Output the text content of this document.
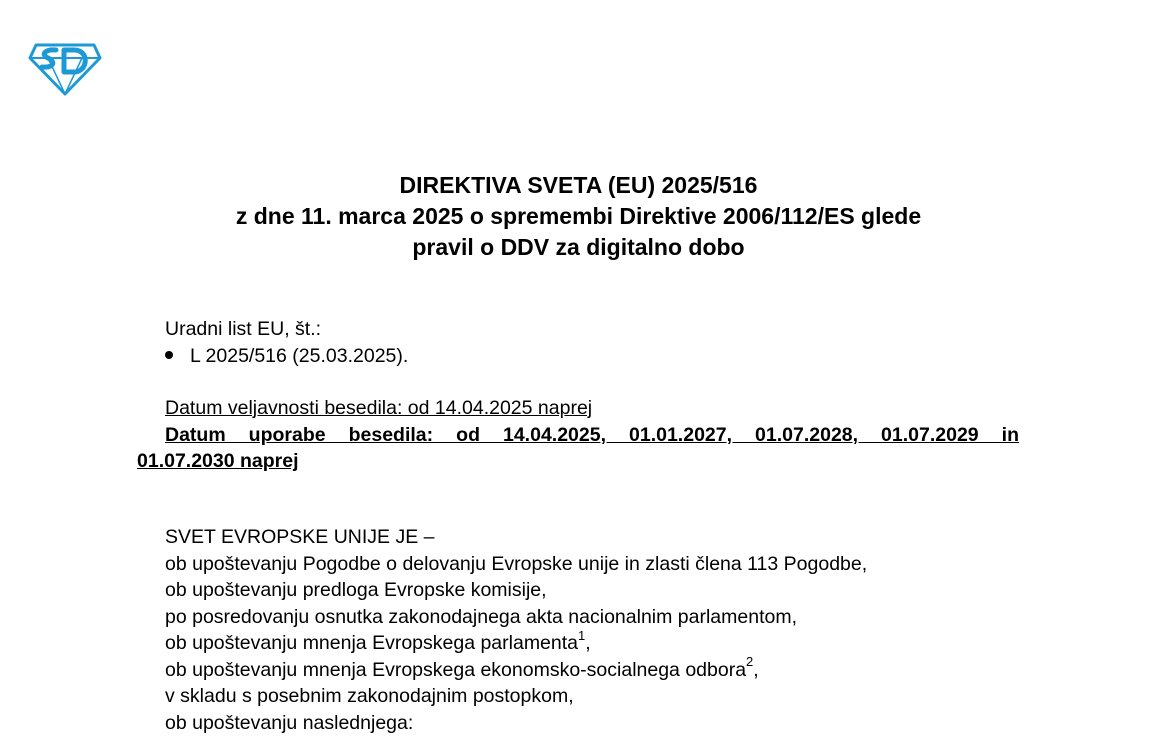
DIREKTIVA SVETA (EU) 2025/516
z dne 11. marca 2025 o spremembi Direktive 2006/112/ES glede
pravil o DDV za digitalno dobo
Uradni list EU, št.:
L 2025/516 (25.03.2025).
Datum veljavnosti besedila: od 14.04.2025 naprej
Datum uporabe besedila: od 14.04.2025, 01.01.2027, 01.07.2028, 01.07.2029 in
01.07.2030 naprej
SVET EVROPSKE UNIJE JE –
ob upoštevanju Pogodbe o delovanju Evropske unije in zlasti člena 113 Pogodbe,
ob upoštevanju predloga Evropske komisije,
po posredovanju osnutka zakonodajnega akta nacionalnim parlamentom,
ob upoštevanju mnenja Evropskega parlamenta$^1$,
ob upoštevanju mnenja Evropskega ekonomsko-socialnega odbora$^2$,
v skladu s posebnim zakonodajnim postopkom,
ob upoštevanju naslednjega:
